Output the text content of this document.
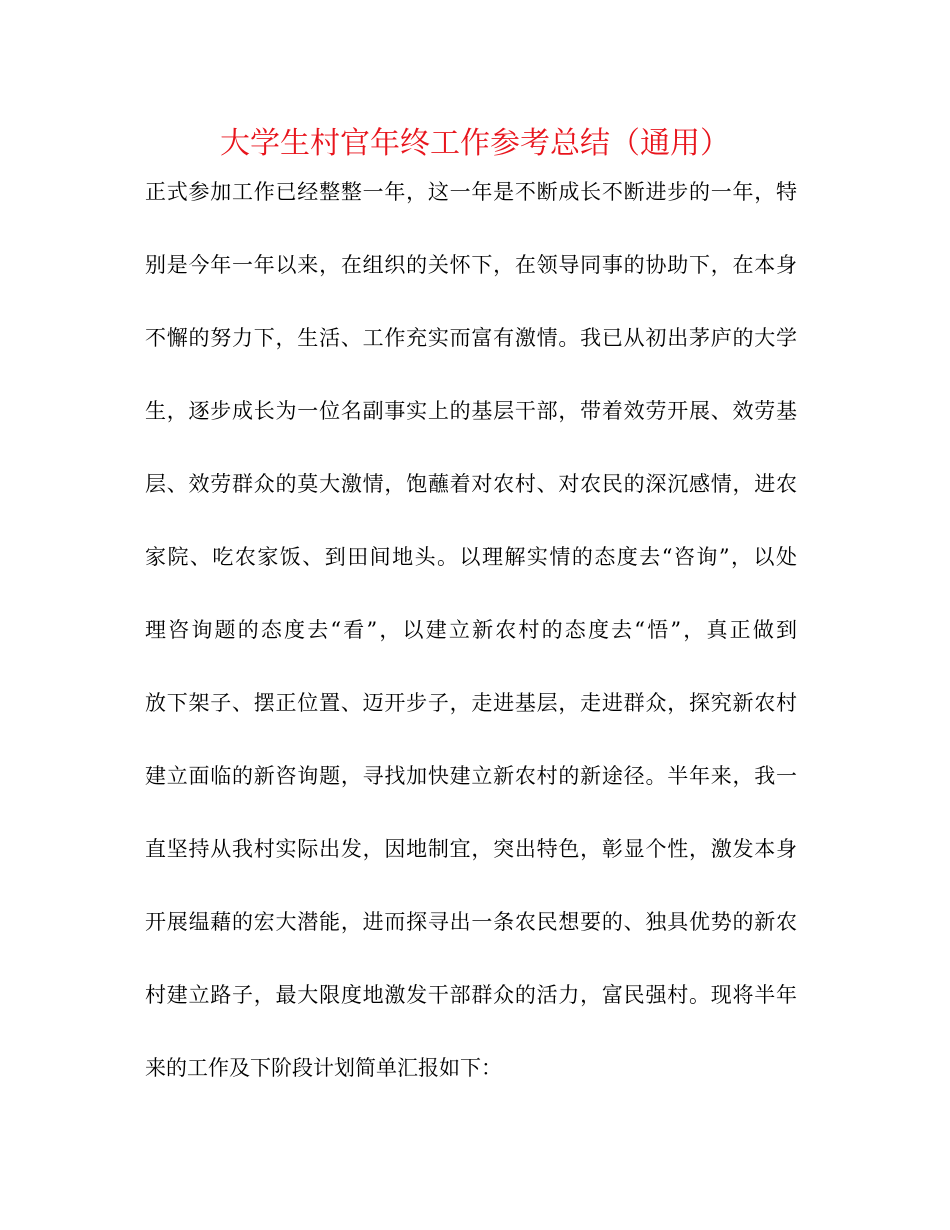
大学生村官年终工作参考总结（通用）

正式参加工作已经整整一年，这一年是不断成长不断进步的一年，特

别是今年一年以来，在组织的关怀下，在领导同事的协助下，在本身

不懈的努力下，生活、工作充实而富有激情。我已从初出茅庐的大学

生，逐步成长为一位名副事实上的基层干部，带着效劳开展、效劳基

层、效劳群众的莫大激情，饱蘸着对农村、对农民的深沉感情，进农

家院、吃农家饭、到田间地头。以理解实情的态度去“咨询”，以处

理咨询题的态度去“看”，以建立新农村的态度去“悟”，真正做到

放下架子、摆正位置、迈开步子，走进基层，走进群众，探究新农村

建立面临的新咨询题，寻找加快建立新农村的新途径。半年来，我一

直坚持从我村实际出发，因地制宜，突出特色，彰显个性，激发本身

开展缊藉的宏大潜能，进而探寻出一条农民想要的、独具优势的新农

村建立路子，最大限度地激发干部群众的活力，富民强村。现将半年

来的工作及下阶段计划简单汇报如下：
